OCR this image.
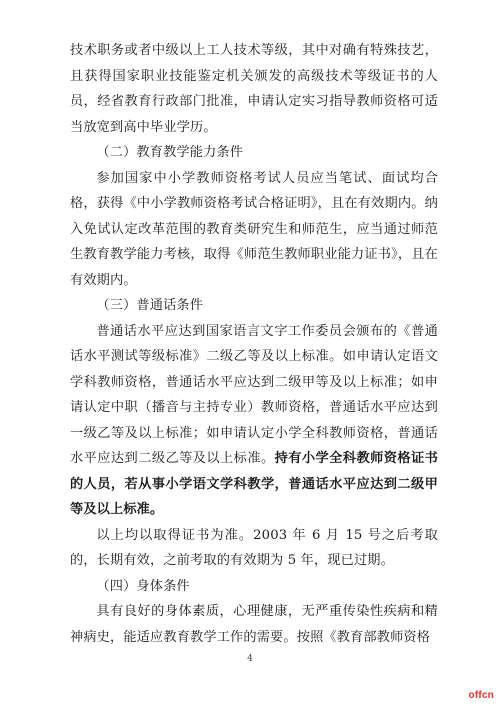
技术职务或者中级以上工人技术等级，其中对确有特殊技艺，且获得国家职业技能鉴定机关颁发的高级技术等级证书的人员，经省教育行政部门批准，申请认定实习指导教师资格可适当放宽到高中毕业学历。

（二）教育教学能力条件

参加国家中小学教师资格考试人员应当笔试、面试均合格，获得《中小学教师资格考试合格证明》，且在有效期内。纳入免试认定改革范围的教育类研究生和师范生，应当通过师范生教育教学能力考核，取得《师范生教师职业能力证书》，且在有效期内。

（三）普通话条件

普通话水平应达到国家语言文字工作委员会颁布的《普通话水平测试等级标准》二级乙等及以上标准。如申请认定语文学科教师资格，普通话水平应达到二级甲等及以上标准；如申请认定中职（播音与主持专业）教师资格，普通话水平应达到一级乙等及以上标准；如申请认定小学全科教师资格，普通话水平应达到二级乙等及以上标准。持有小学全科教师资格证书的人员，若从事小学语文学科教学，普通话水平应达到二级甲等及以上标准。

以上均以取得证书为准。2003 年 6 月 15 号之后考取的，长期有效，之前考取的有效期为 5 年，现已过期。

（四）身体条件

具有良好的身体素质，心理健康，无严重传染性疾病和精神病史，能适应教育教学工作的需要。按照《教育部教师资格

4
offcn
